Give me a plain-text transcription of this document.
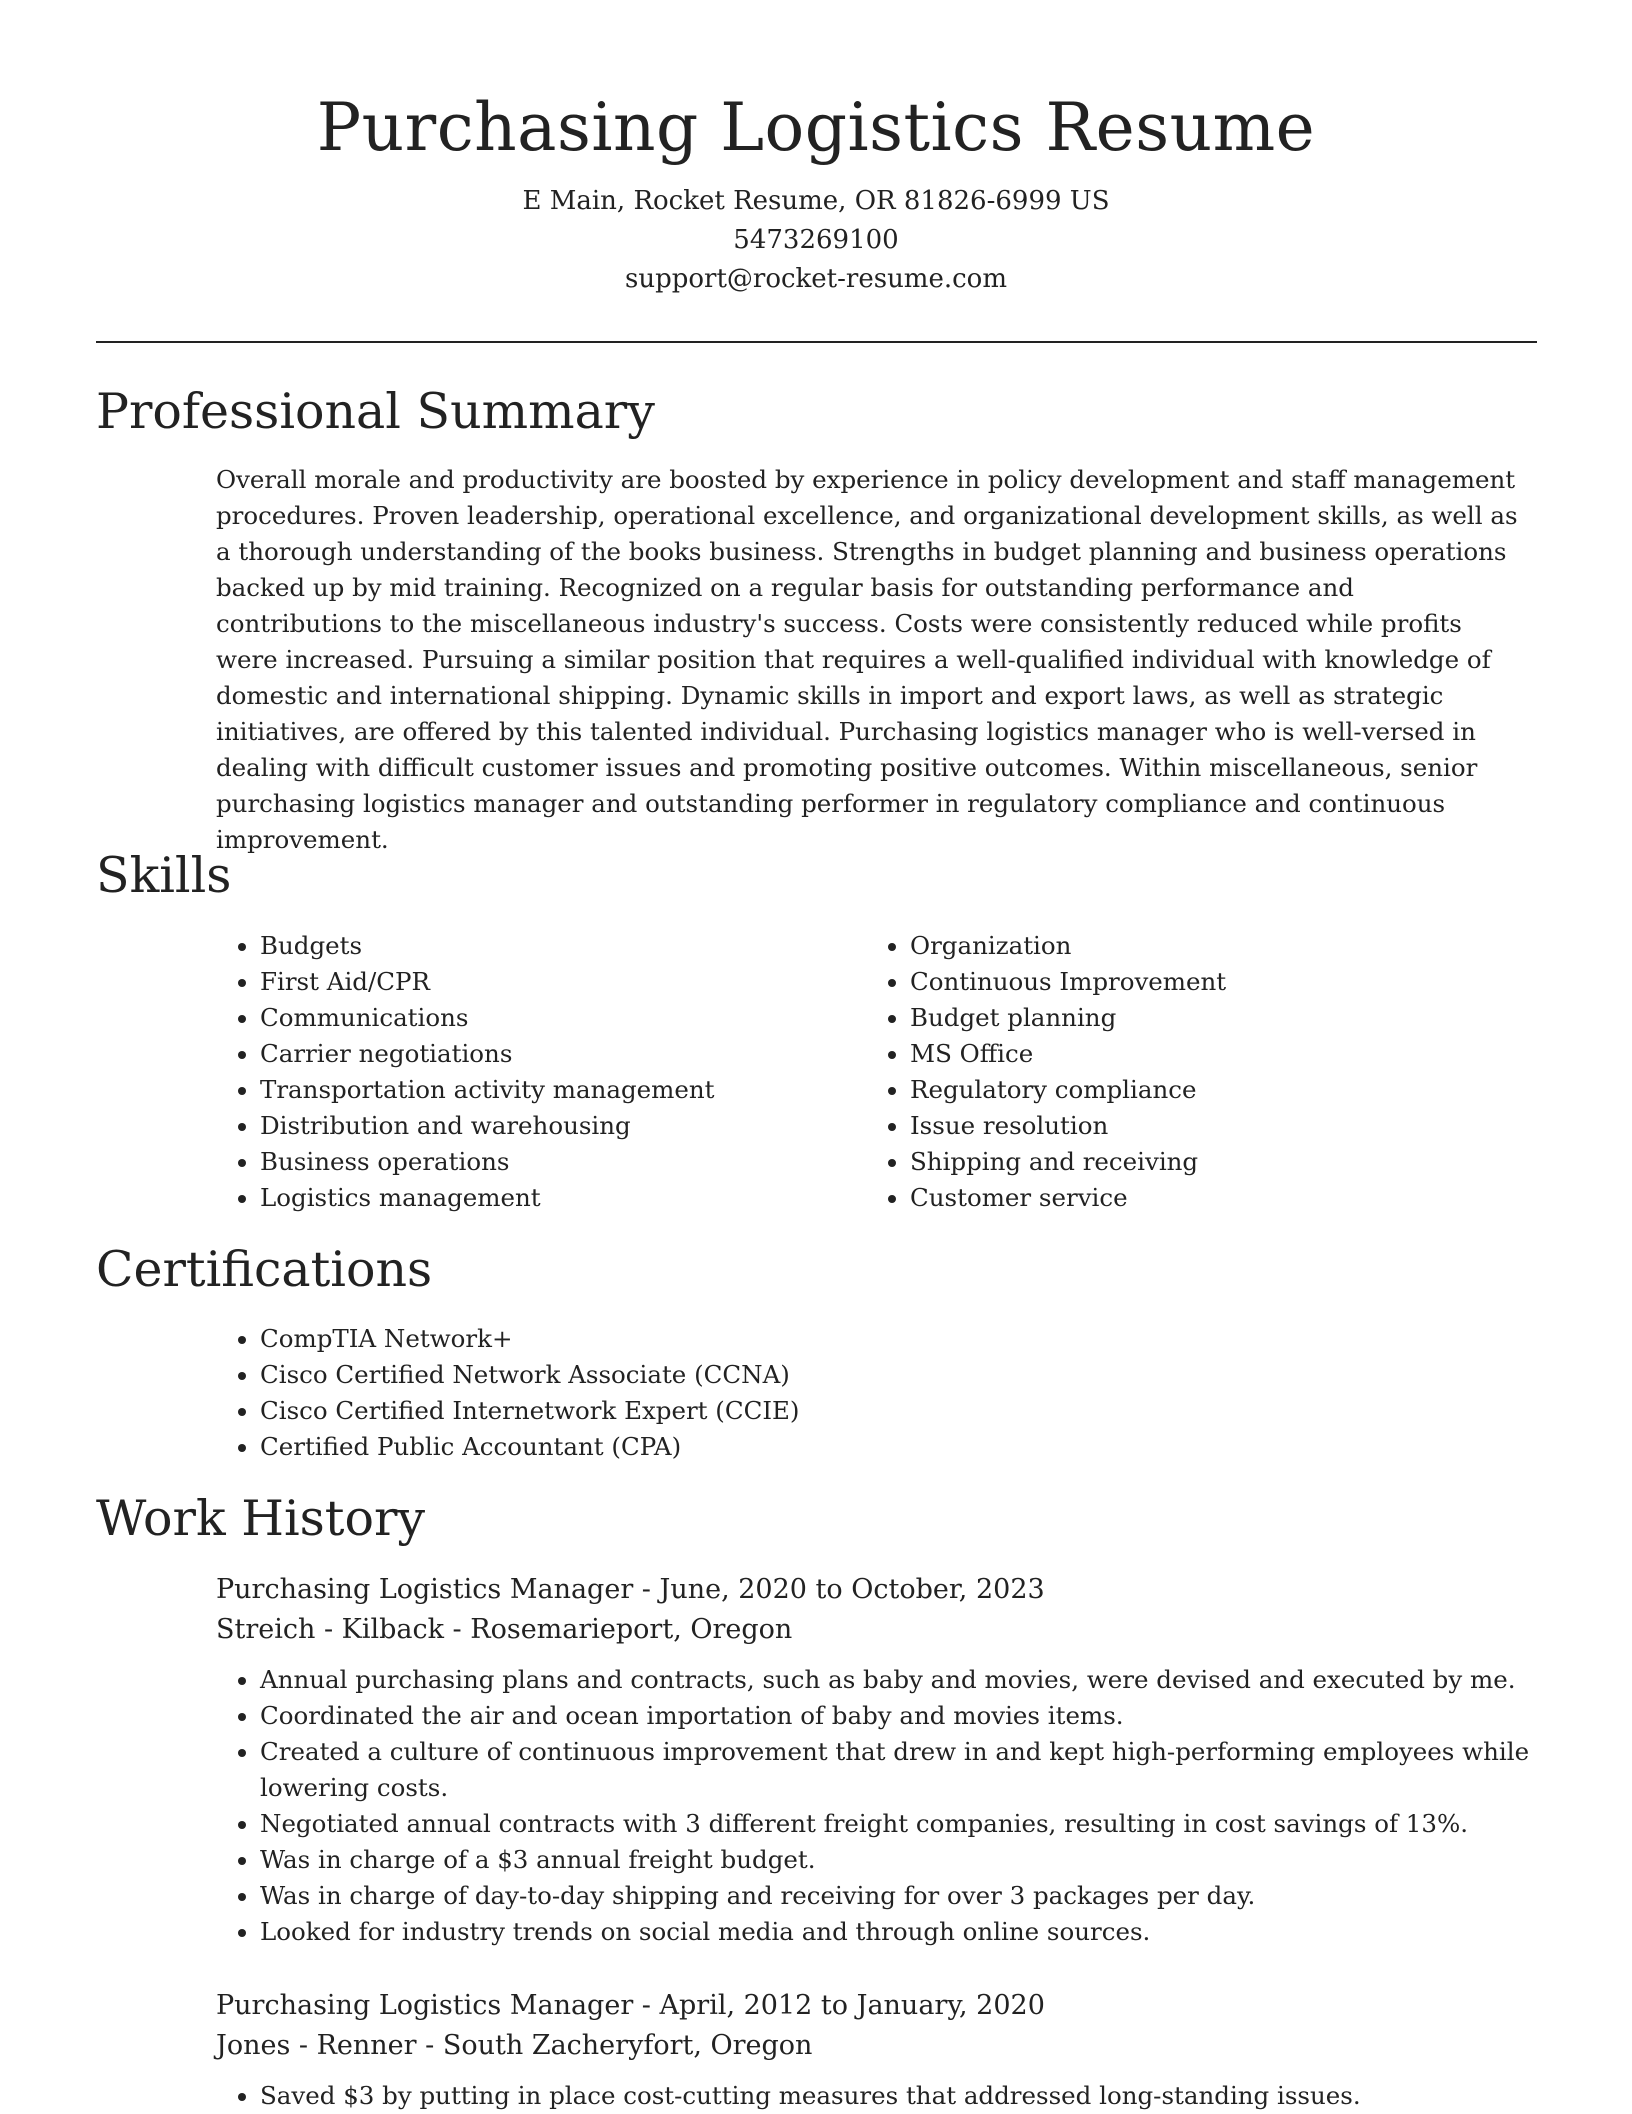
Purchasing Logistics Resume

E Main, Rocket Resume, OR 81826-6999 US

5473269100

support@rocket-resume.com

Professional Summary

Overall morale and productivity are boosted by experience in policy development and staff management procedures. Proven leadership, operational excellence, and organizational development skills, as well as a thorough understanding of the books business. Strengths in budget planning and business operations backed up by mid training. Recognized on a regular basis for outstanding performance and contributions to the miscellaneous industry's success. Costs were consistently reduced while profits were increased. Pursuing a similar position that requires a well-qualified individual with knowledge of domestic and international shipping. Dynamic skills in import and export laws, as well as strategic initiatives, are offered by this talented individual. Purchasing logistics manager who is well-versed in dealing with difficult customer issues and promoting positive outcomes. Within miscellaneous, senior purchasing logistics manager and outstanding performer in regulatory compliance and continuous improvement.

Skills
• Budgets
• First Aid/CPR
• Communications
• Carrier negotiations
• Transportation activity management
• Distribution and warehousing
• Business operations
• Logistics management
• Organization
• Continuous Improvement
• Budget planning
• MS Office
• Regulatory compliance
• Issue resolution
• Shipping and receiving
• Customer service
Certifications
• CompTIA Network+
• Cisco Certified Network Associate (CCNA)
• Cisco Certified Internetwork Expert (CCIE)
• Certified Public Accountant (CPA)
Work History

Purchasing Logistics Manager - June, 2020 to October, 2023

Streich - Kilback - Rosemarieport, Oregon

• Annual purchasing plans and contracts, such as baby and movies, were devised and executed by me.
• Coordinated the air and ocean importation of baby and movies items.
• Created a culture of continuous improvement that drew in and kept high-performing employees while lowering costs.
• Negotiated annual contracts with 3 different freight companies, resulting in cost savings of 13%.
• Was in charge of a $3 annual freight budget.
• Was in charge of day-to-day shipping and receiving for over 3 packages per day.
• Looked for industry trends on social media and through online sources.

Purchasing Logistics Manager - April, 2012 to January, 2020

Jones - Renner - South Zacheryfort, Oregon

• Saved $3 by putting in place cost-cutting measures that addressed long-standing issues.
